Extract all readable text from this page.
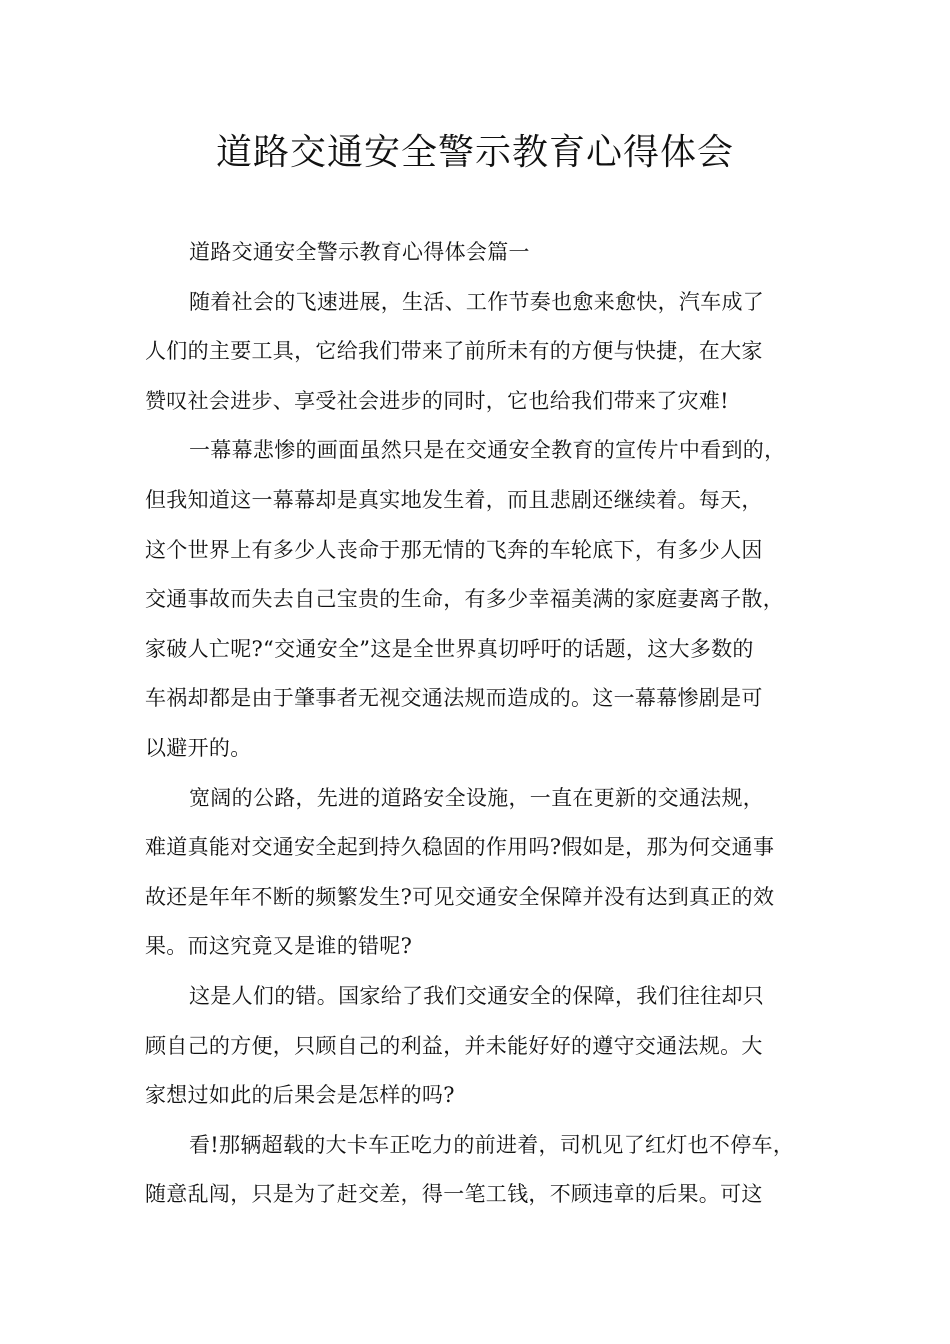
道路交通安全警示教育心得体会
道路交通安全警示教育心得体会篇一
随着社会的飞速进展，生活、工作节奏也愈来愈快，汽车成了
人们的主要工具，它给我们带来了前所未有的方便与快捷，在大家
赞叹社会进步、享受社会进步的同时，它也给我们带来了灾难!
一幕幕悲惨的画面虽然只是在交通安全教育的宣传片中看到的，
但我知道这一幕幕却是真实地发生着，而且悲剧还继续着。每天，
这个世界上有多少人丧命于那无情的飞奔的车轮底下，有多少人因
交通事故而失去自己宝贵的生命，有多少幸福美满的家庭妻离子散，
家破人亡呢?“交通安全”这是全世界真切呼吁的话题，这大多数的
车祸却都是由于肇事者无视交通法规而造成的。这一幕幕惨剧是可
以避开的。
宽阔的公路，先进的道路安全设施，一直在更新的交通法规，
难道真能对交通安全起到持久稳固的作用吗?假如是，那为何交通事
故还是年年不断的频繁发生?可见交通安全保障并没有达到真正的效
果。而这究竟又是谁的错呢?
这是人们的错。国家给了我们交通安全的保障，我们往往却只
顾自己的方便，只顾自己的利益，并未能好好的遵守交通法规。大
家想过如此的后果会是怎样的吗?
看!那辆超载的大卡车正吃力的前进着，司机见了红灯也不停车，
随意乱闯，只是为了赶交差，得一笔工钱，不顾违章的后果。可这
